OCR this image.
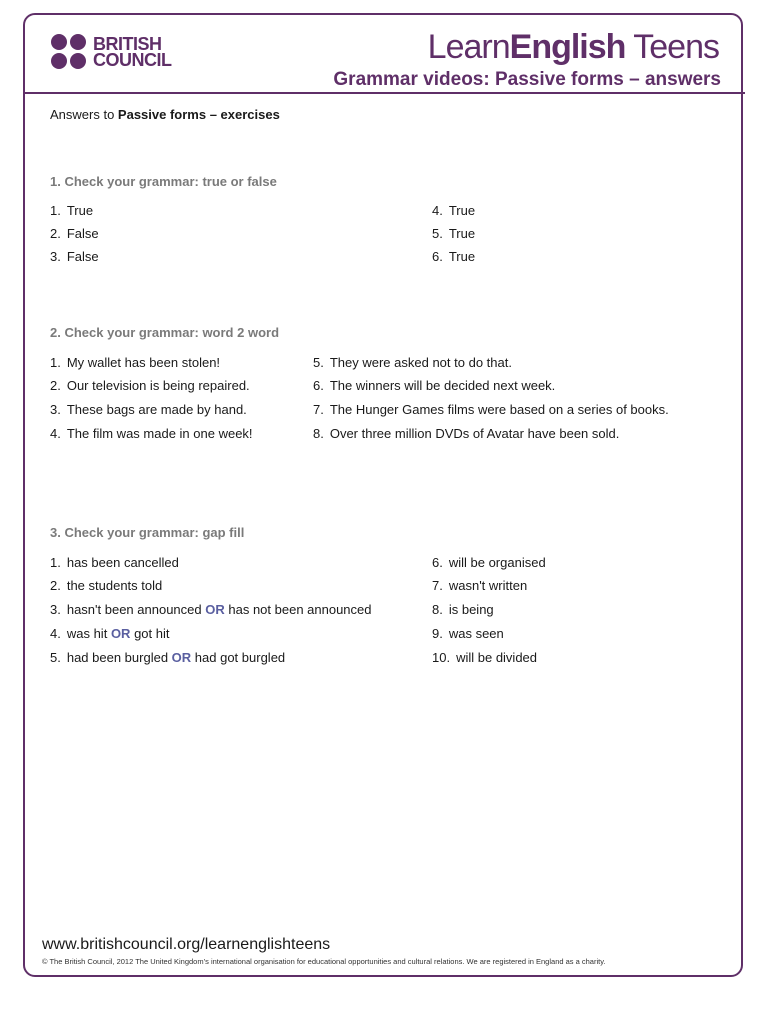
BRITISH
COUNCIL	LearnEnglish Teens
Grammar videos: Passive forms – answers
Answers to Passive forms – exercises
1. Check your grammar: true or false
1. True
2. False
3. False
4. True
5. True
6. True
2. Check your grammar: word 2 word
1. My wallet has been stolen!
2. Our television is being repaired.
3. These bags are made by hand.
4. The film was made in one week!
5. They were asked not to do that.
6. The winners will be decided next week.
7. The Hunger Games films were based on a series of books.
8. Over three million DVDs of Avatar have been sold.
3. Check your grammar: gap fill
1. has been cancelled
2. the students told
3. hasn't been announced OR has not been announced
4. was hit OR got hit
5. had been burgled OR had got burgled
6. will be organised
7. wasn't written
8. is being
9. was seen
10. will be divided
www.britishcouncil.org/learnenglishteens
© The British Council, 2012 The United Kingdom’s international organisation for educational opportunities and cultural relations. We are registered in England as a charity.
